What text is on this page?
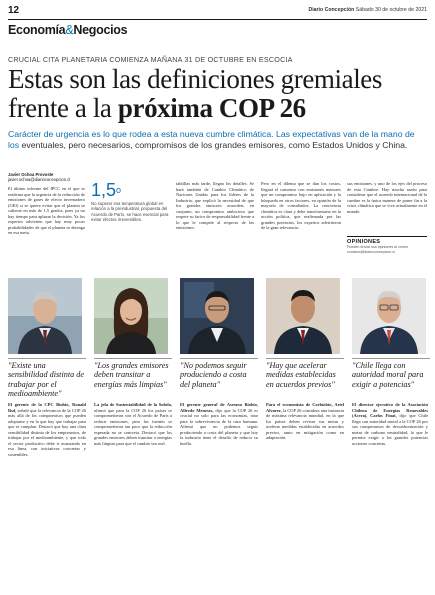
12	Diario Concepción Sábado 30 de octubre de 2021
Economía&Negocios
CRUCIAL CITA PLANETARIA COMIENZA MAÑANA 31 DE OCTUBRE EN ESCOCIA
Estas son las definiciones gremiales
frente a la próxima COP 26
Carácter de urgencia es lo que rodea a esta nueva cumbre climática. Las expectativas van de la mano de los eventuales, pero necesarios, compromisos de los grandes emisores, como Estados Unidos y China.
Javier Ochoa Provoste
javier.ochoa@diarioconcepcion.cl
El último informe del IPCC en el que se reafirma que la urgencia de la reducción de emisiones de gases de efecto invernadero (GEI) si se quiere evitar que el planeta se caliente en más de 1,5 grados, pues ya no hay tiempo para aplazar la decisión. Ya los expertos advierten que hay muy pocas probabilidades de que el planeta se detenga en esa meta.
1,5$^o$
No superar esa temperatura global en relación a la preindustrial, propuesta del Acuerdo de París, se hace esencial para evitar efectos irreversibles.
tablillas más tarde, llegan los detalles. Se hará también de Cambio Climático de Naciones Unidas para los líderes de la Industria, que explicó la necesidad de que los grandes emisores acuerden, en conjunto, un compromiso ambicioso que respete su factor de responsabilidad frente a lo que le compete al respecto de las emisiones.
Pero en el dilema que se dan los costos, llegará el consenso con emisiones menores que un compromiso bajo en aplicación y la búsqueda en otros factores, en opinión de la mayoría de consultados. La conciencia climática es clara y debe transformarse en la acción política, que reafirmada por las grandes potencias, los expertos advirtieron de la gran relevancia.
sus emisiones, y uno de los ejes del proceso de esta Cumbre. Hay mucha razón para considerar que el acuerdo internacional de la cumbre es la única manera de poner fin a la crisis climática que se vive actualmente en el mundo.
OPINIONES
Pueden enviar sus opiniones al correo contacto@diarioconcepcion.cl
"Existe una sensibilidad distinta de trabajar por el medioambiente"
"Los grandes emisores deben transitar a energías más limpias"
"No podemos seguir produciendo a costa del planeta"
"Hay que acelerar medidas establecidas en acuerdos previos"
"Chile llega con autoridad moral para exigir a potencias"
El gerente de la CPC Biobío, Ronald Ruf, señaló que la relevancia de la COP 26 más allá de los compromisos que pueden adoptarse y en la que hay que trabajar para que se cumplan. Destacó que hay una clara sensibilidad distinta de los empresarios, de trabajar por el medioambiente, y que todo el sector productivo debe ir avanzando en esa línea, con iniciativas concretas y sostenibles.
La jefa de Sustentabilidad de la Sofofa, afirmó que para la COP 26 los países se comprometieron con el Acuerdo de París a reducir emisiones, pero las fuentes se comprometieron tan poco que la reducción esperada no se concreta. Destacó que los grandes emisores deben transitar a energías más limpias para que el cambio sea real.
El gerente general de Asexma Biobío, Alfredo Meneses, dijo que la COP 26 es crucial no solo para las economías, sino para la sobrevivencia de la raza humana. Afirmó que no podemos seguir produciendo a costa del planeta y que hoy la industria tiene el desafío de reducir su huella.
Para el economista de Corbiobío, Ariel Alvarez, la COP 26 considera una instancia de máxima relevancia mundial, en la que los países deben revisar sus metas y acelerar medidas establecidas en acuerdos previos, tanto en mitigación como en adaptación.
El director ejecutivo de la Asociación Chilena de Energías Renovables (Acera), Carlos Finat, dijo que Chile llega con autoridad moral a la COP 26 por sus compromisos de descarbonización y metas de carbono neutralidad, lo que le permite exigir a las grandes potencias acciones concretas.
